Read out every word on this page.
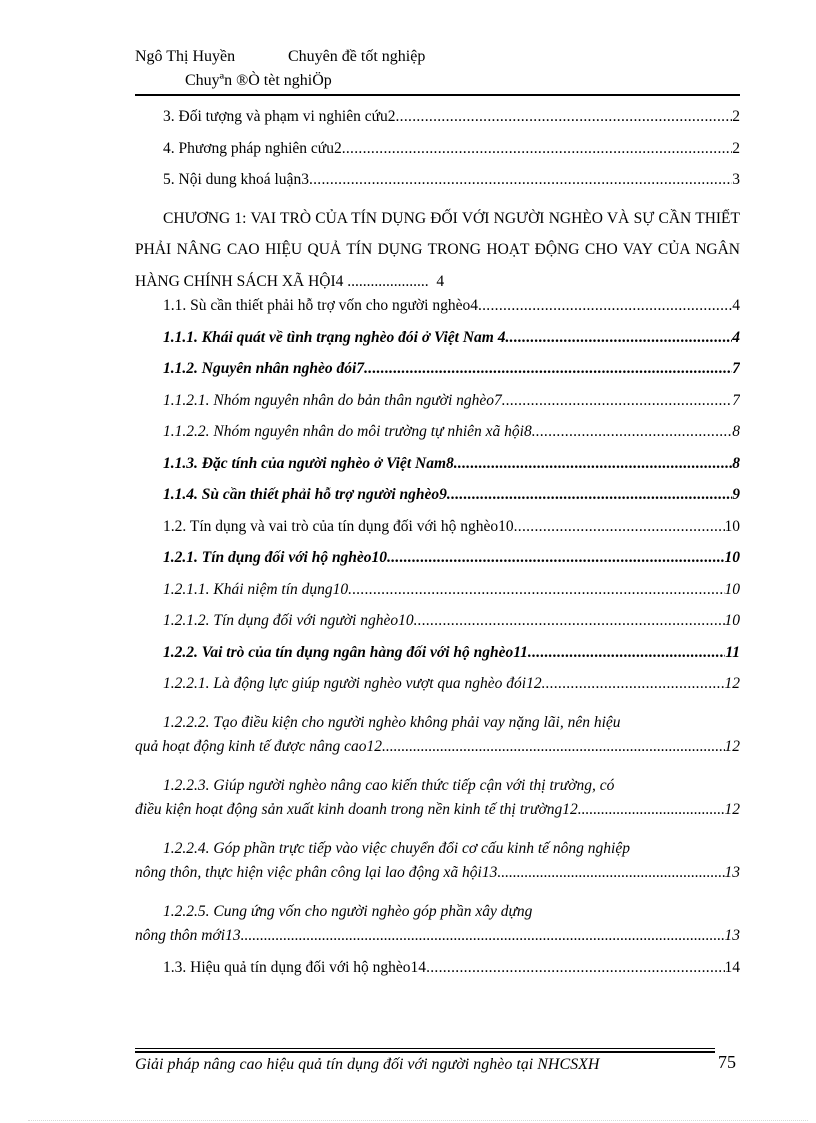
Ngô Thị Huyền	Chuyên đề tốt nghiệp
Chuyªn ®Ò tèt nghiÖp
3. Đối tượng và phạm vi nghiên cứu2 .....	2
4. Phương pháp nghiên cứu2 .....	2
5. Nội dung khoá luận3 .....	3
CHƯƠNG 1: VAI TRÒ CỦA TÍN DỤNG ĐỐI VỚI NGƯỜI NGHÈO VÀ SỰ CẦN THIẾT PHẢI NÂNG CAO HIỆU QUẢ TÍN DỤNG TRONG HOẠT ĐỘNG CHO VAY CỦA NGÂN HÀNG CHÍNH SÁCH XÃ HỘI4 ..................... 4
1.1. Sù cần thiết phải hỗ trợ vốn cho người nghèo4 .....	4
1.1.1. Khái quát về tình trạng nghèo đói ở Việt Nam 4 .....	4
1.1.2. Nguyên nhân nghèo đói7 .....	7
1.1.2.1. Nhóm nguyên nhân do bản thân người nghèo7 .....	7
1.1.2.2. Nhóm nguyên nhân do môi trường tự nhiên xã hội8 .....	8
1.1.3. Đặc tính của người nghèo ở Việt Nam8 .....	8
1.1.4. Sù cần thiết phải hỗ trợ người nghèo9 .....	9
1.2. Tín dụng và vai trò của tín dụng đối với hộ nghèo10 .....	10
1.2.1. Tín dụng đối với hộ nghèo10 .....	10
1.2.1.1. Khái niệm tín dụng10 .....	10
1.2.1.2. Tín dụng đối với người nghèo10 .....	10
1.2.2. Vai trò của tín dụng ngân hàng đối với hộ nghèo11 .....	11
1.2.2.1. Là động lực giúp người nghèo vượt qua nghèo đói12 .....	12
1.2.2.2. Tạo điều kiện cho người nghèo không phải vay nặng lãi, nên hiệu
quả hoạt động kinh tế được nâng cao12 .....	12
1.2.2.3. Giúp người nghèo nâng cao kiến thức tiếp cận với thị trường, có
điều kiện hoạt động sản xuất kinh doanh trong nền kinh tế thị trường12 .....	12
1.2.2.4. Góp phần trực tiếp vào việc chuyển đổi cơ cấu kinh tế nông nghiệp
nông thôn, thực hiện việc phân công lại lao động xã hội13 .....	13
1.2.2.5. Cung ứng vốn cho người nghèo góp phần xây dựng
nông thôn mới13 .....	13
1.3. Hiệu quả tín dụng đối với hộ nghèo14 .....	14
Giải pháp nâng cao hiệu quả tín dụng đối với người nghèo tại NHCSXH	75
